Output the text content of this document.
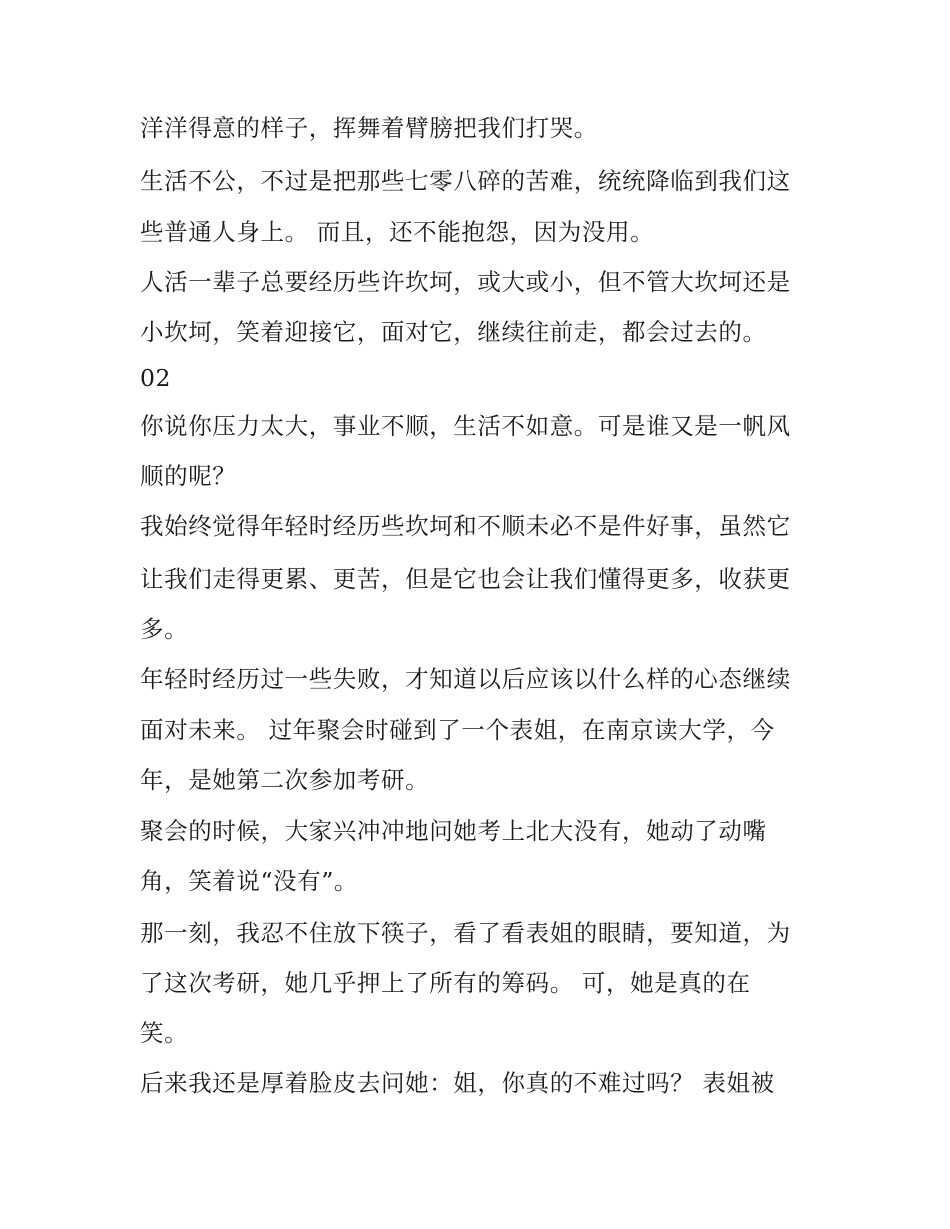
洋洋得意的样子，挥舞着臂膀把我们打哭。
生活不公，不过是把那些七零八碎的苦难，统统降临到我们这
些普通人身上。 而且，还不能抱怨，因为没用。
人活一辈子总要经历些许坎坷，或大或小，但不管大坎坷还是
小坎坷，笑着迎接它，面对它，继续往前走，都会过去的。
02
你说你压力太大，事业不顺，生活不如意。可是谁又是一帆风
顺的呢？
我始终觉得年轻时经历些坎坷和不顺未必不是件好事，虽然它
让我们走得更累、更苦，但是它也会让我们懂得更多，收获更
多。
年轻时经历过一些失败，才知道以后应该以什么样的心态继续
面对未来。 过年聚会时碰到了一个表姐，在南京读大学，今
年，是她第二次参加考研。
聚会的时候，大家兴冲冲地问她考上北大没有，她动了动嘴
角，笑着说“没有”。
那一刻，我忍不住放下筷子，看了看表姐的眼睛，要知道，为
了这次考研，她几乎押上了所有的筹码。 可，她是真的在
笑。
后来我还是厚着脸皮去问她：姐，你真的不难过吗？ 表姐被
